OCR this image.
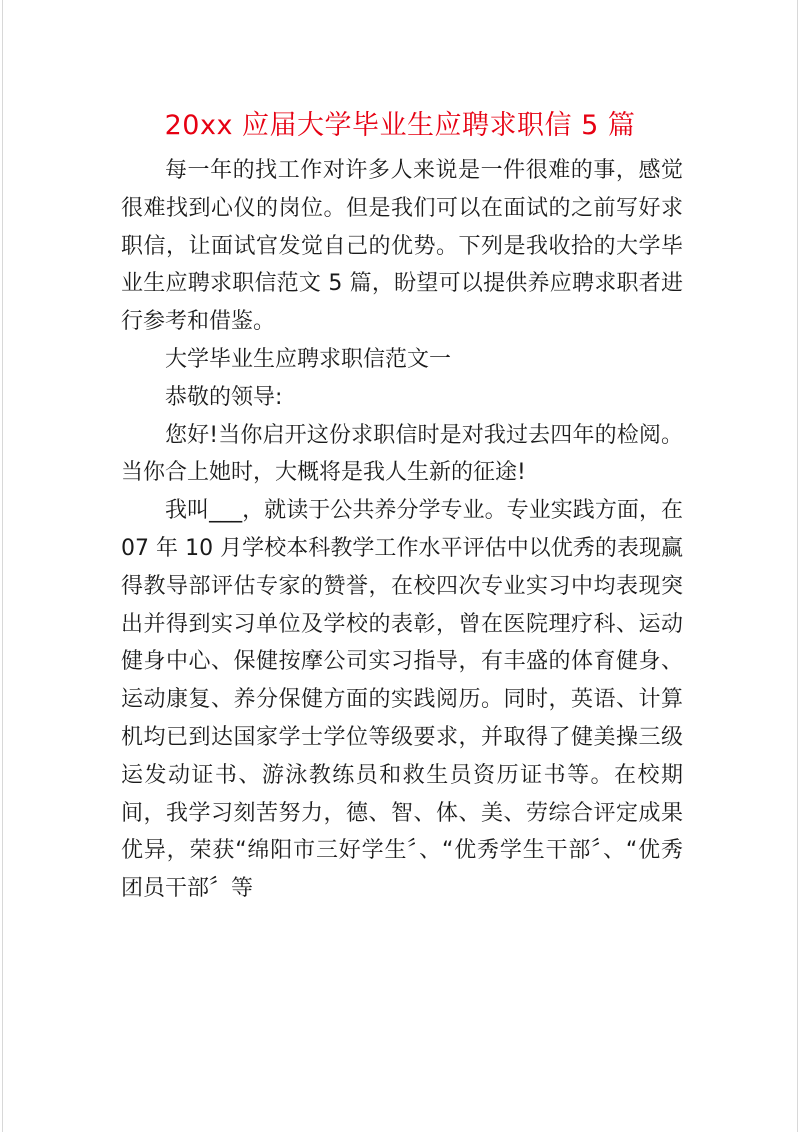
20xx 应届大学毕业生应聘求职信 5 篇

每一年的找工作对许多人来说是一件很难的事，感觉很难找到心仪的岗位。但是我们可以在面试的之前写好求职信，让面试官发觉自己的优势。下列是我收拾的大学毕业生应聘求职信范文 5 篇，盼望可以提供养应聘求职者进行参考和借鉴。

大学毕业生应聘求职信范文一

恭敬的领导:

您好!当你启开这份求职信时是对我过去四年的检阅。当你合上她时，大概将是我人生新的征途!

我叫___，就读于公共养分学专业。专业实践方面，在 07 年 10 月学校本科教学工作水平评估中以优秀的表现赢得教导部评估专家的赞誉，在校四次专业实习中均表现突出并得到实习单位及学校的表彰，曾在医院理疗科、运动健身中心、保健按摩公司实习指导，有丰盛的体育健身、运动康复、养分保健方面的实践阅历。同时，英语、计算机均已到达国家学士学位等级要求，并取得了健美操三级运发动证书、游泳教练员和救生员资历证书等。在校期间，我学习刻苦努力，德、智、体、美、劳综合评定成果优异，荣获“绵阳市三好学生〞、“优秀学生干部〞、“优秀团员干部〞等
